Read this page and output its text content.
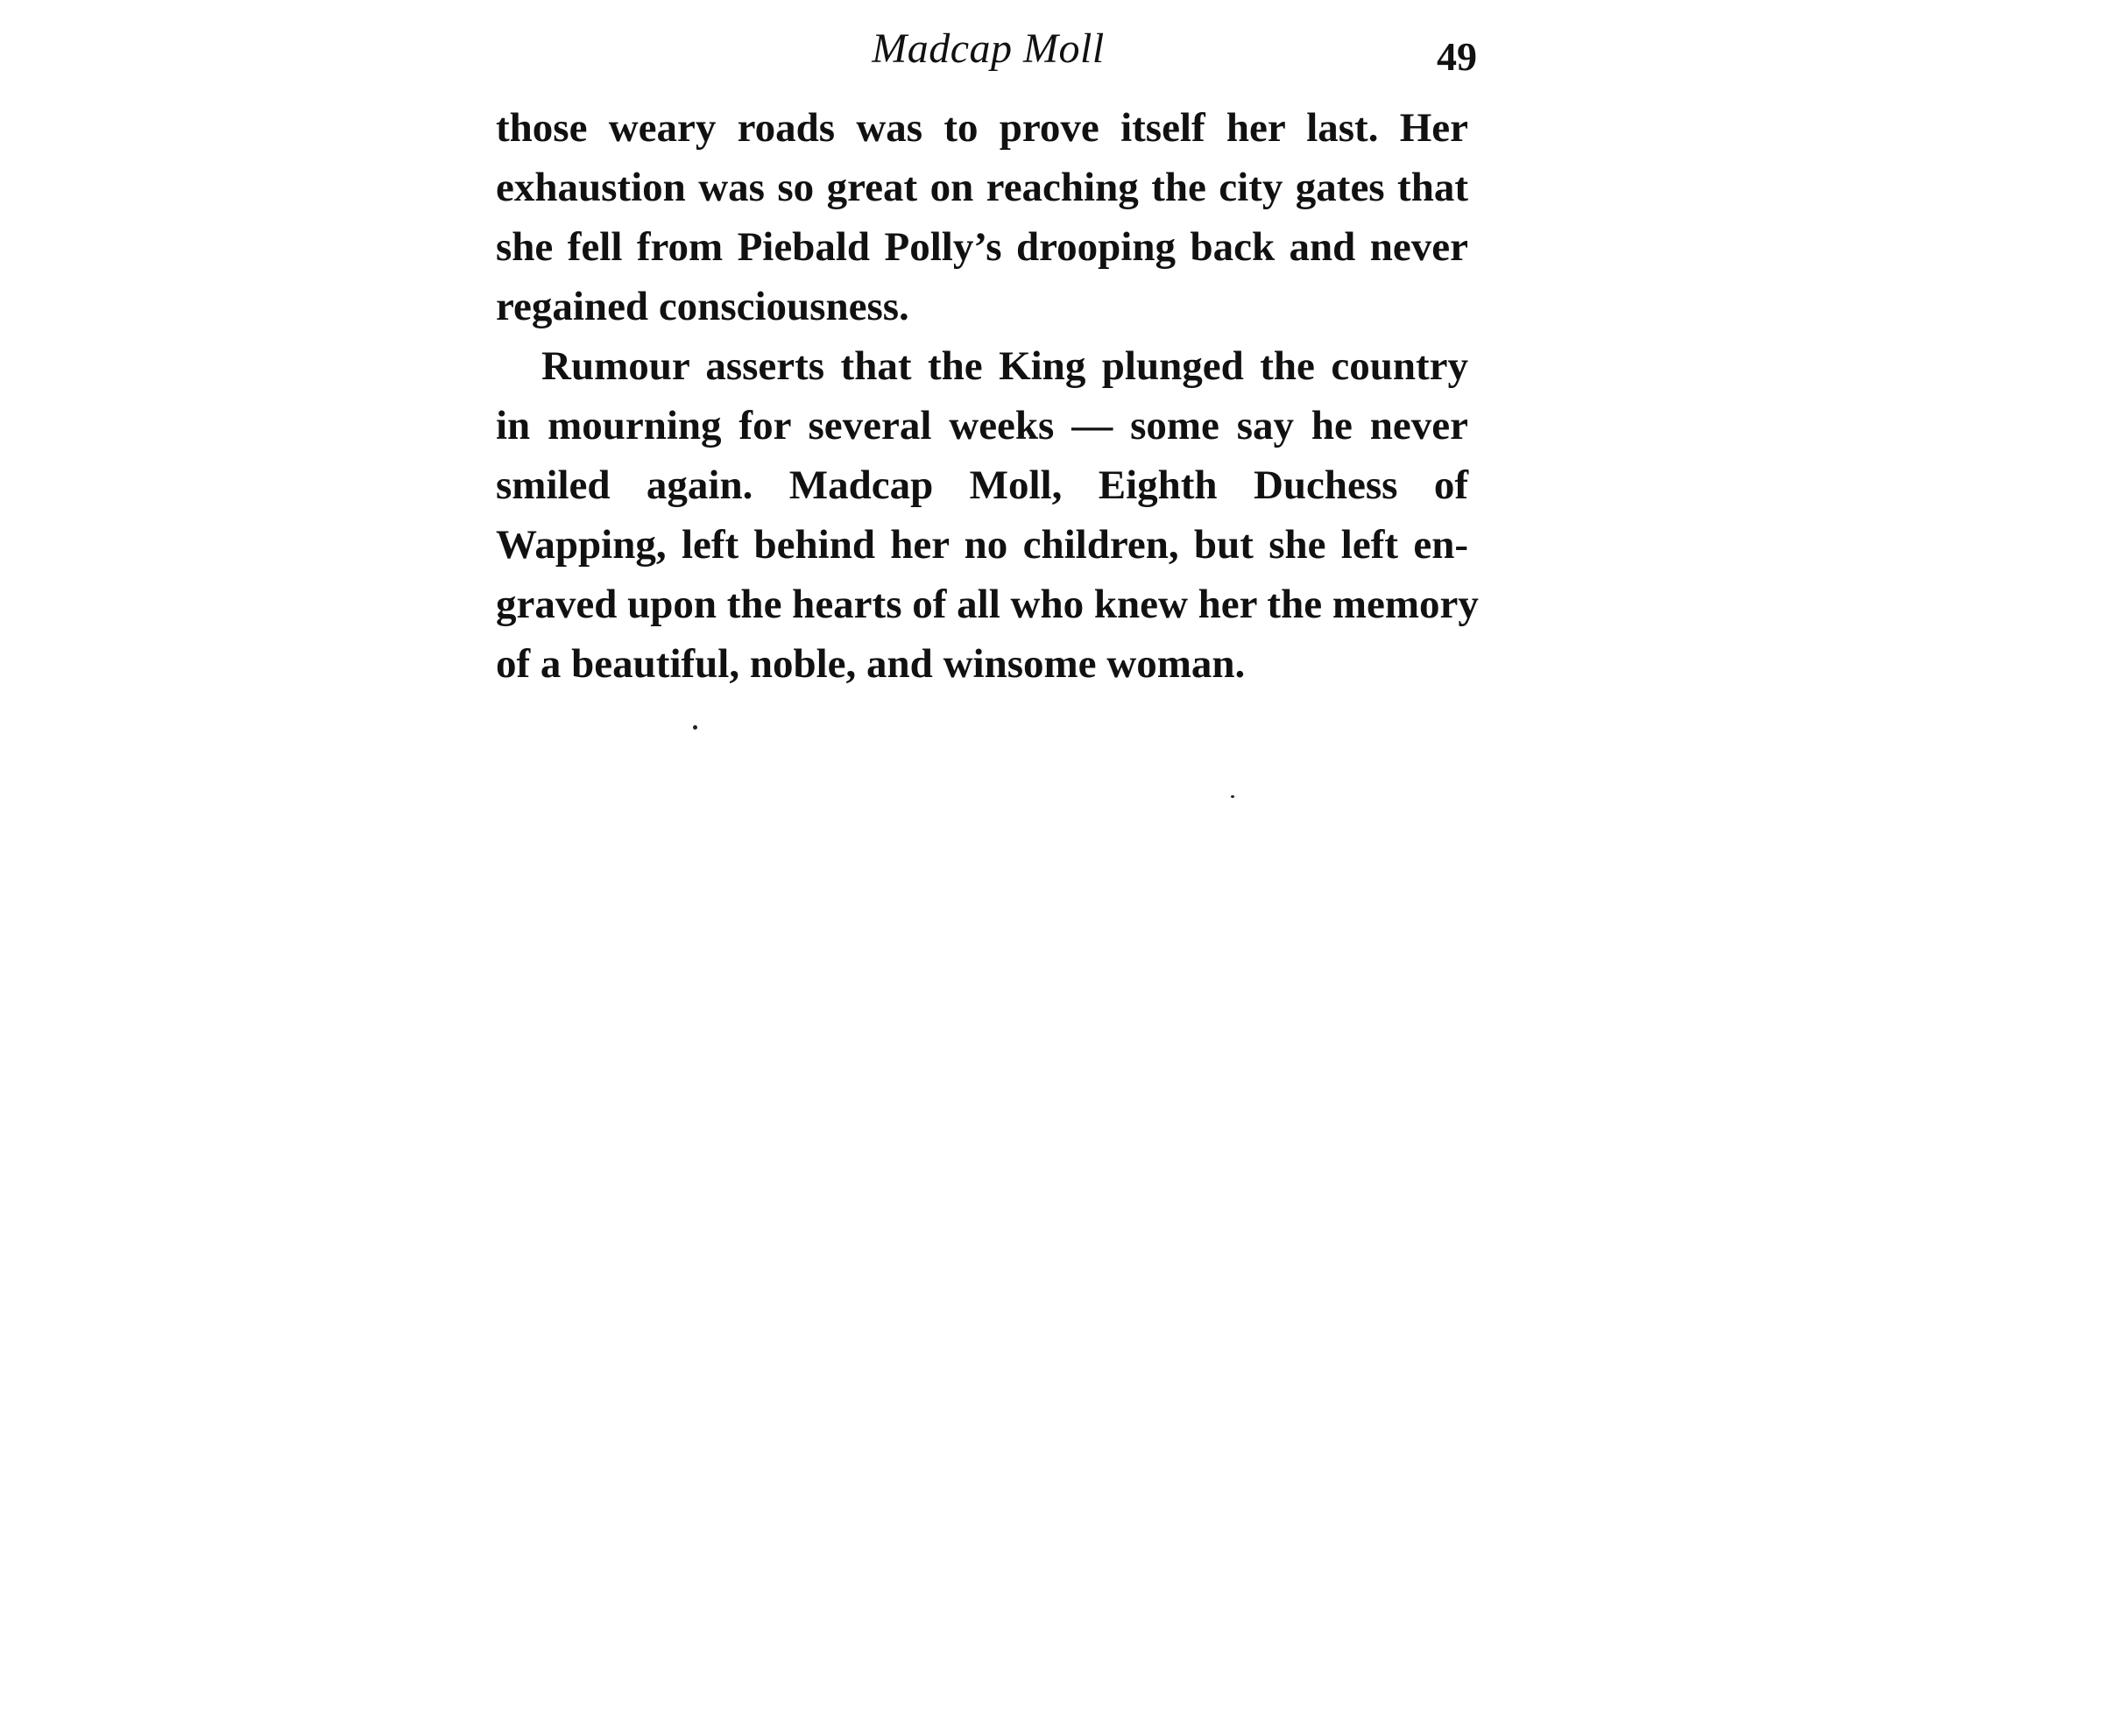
Madcap Moll	49
those weary roads was to prove itself her last. Her
exhaustion was so great on reaching the city gates that
she fell from Piebald Polly’s drooping back and never
regained consciousness.
Rumour asserts that the King plunged the country
in mourning for several weeks — some say he never
smiled again. Madcap Moll, Eighth Duchess of
Wapping, left behind her no children, but she left en-
graved upon the hearts of all who knew her the memory
of a beautiful, noble, and winsome woman.
